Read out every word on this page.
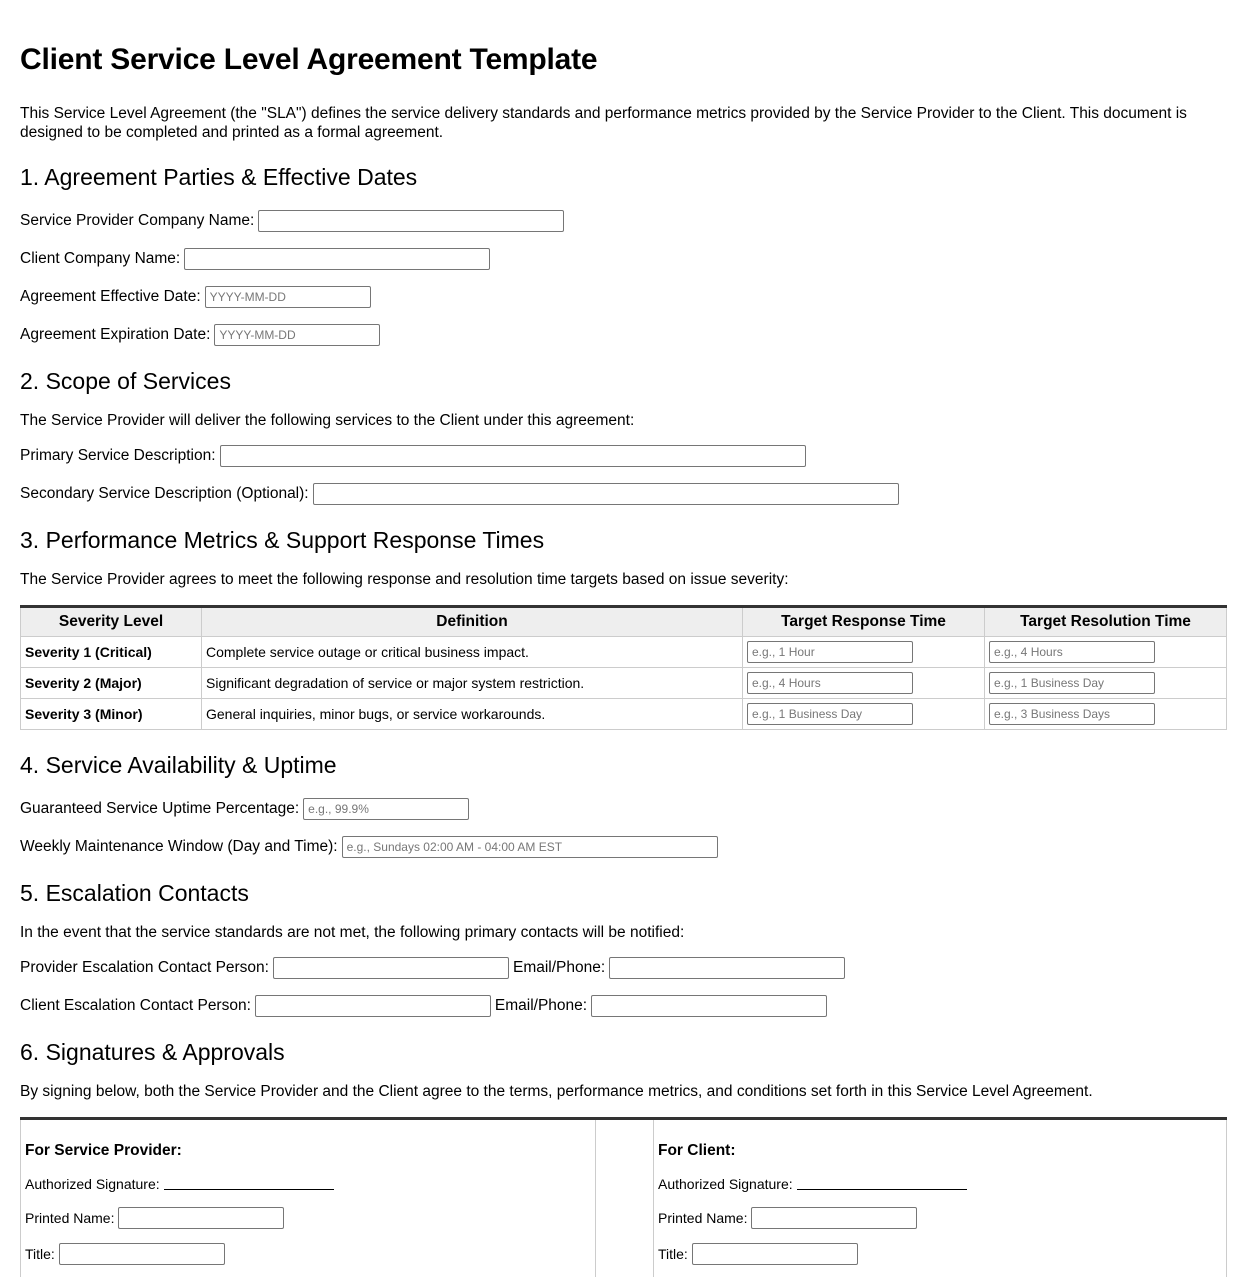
Client Service Level Agreement Template

This Service Level Agreement (the "SLA") defines the service delivery standards and performance metrics provided by the Service Provider to the Client. This document is designed to be completed and printed as a formal agreement.

1. Agreement Parties & Effective Dates
Service Provider Company Name:
Client Company Name:
Agreement Effective Date:
YYYY-MM-DD
Agreement Expiration Date:
YYYY-MM-DD
2. Scope of Services

The Service Provider will deliver the following services to the Client under this agreement:

Primary Service Description:
Secondary Service Description (Optional):
3. Performance Metrics & Support Response Times

The Service Provider agrees to meet the following response and resolution time targets based on issue severity:

Severity Level	Definition	Target Response Time	Target Resolution Time
Severity 1 (Critical)	Complete service outage or critical business impact.	e.g., 1 Hour	e.g., 4 Hours
Severity 2 (Major)	Significant degradation of service or major system restriction.	e.g., 4 Hours	e.g., 1 Business Day
Severity 3 (Minor)	General inquiries, minor bugs, or service workarounds.	e.g., 1 Business Day	e.g., 3 Business Days
4. Service Availability & Uptime
Guaranteed Service Uptime Percentage:
e.g., 99.9%
Weekly Maintenance Window (Day and Time):
e.g., Sundays 02:00 AM - 04:00 AM EST
5. Escalation Contacts

In the event that the service standards are not met, the following primary contacts will be notified:

Provider Escalation Contact Person:	Email/Phone:
Client Escalation Contact Person:	Email/Phone:
6. Signatures & Approvals

By signing below, both the Service Provider and the Client agree to the terms, performance metrics, and conditions set forth in this Service Level Agreement.

For Service Provider:
Authorized Signature:
Printed Name:
Title:
For Client:
Authorized Signature:
Printed Name:
Title:
